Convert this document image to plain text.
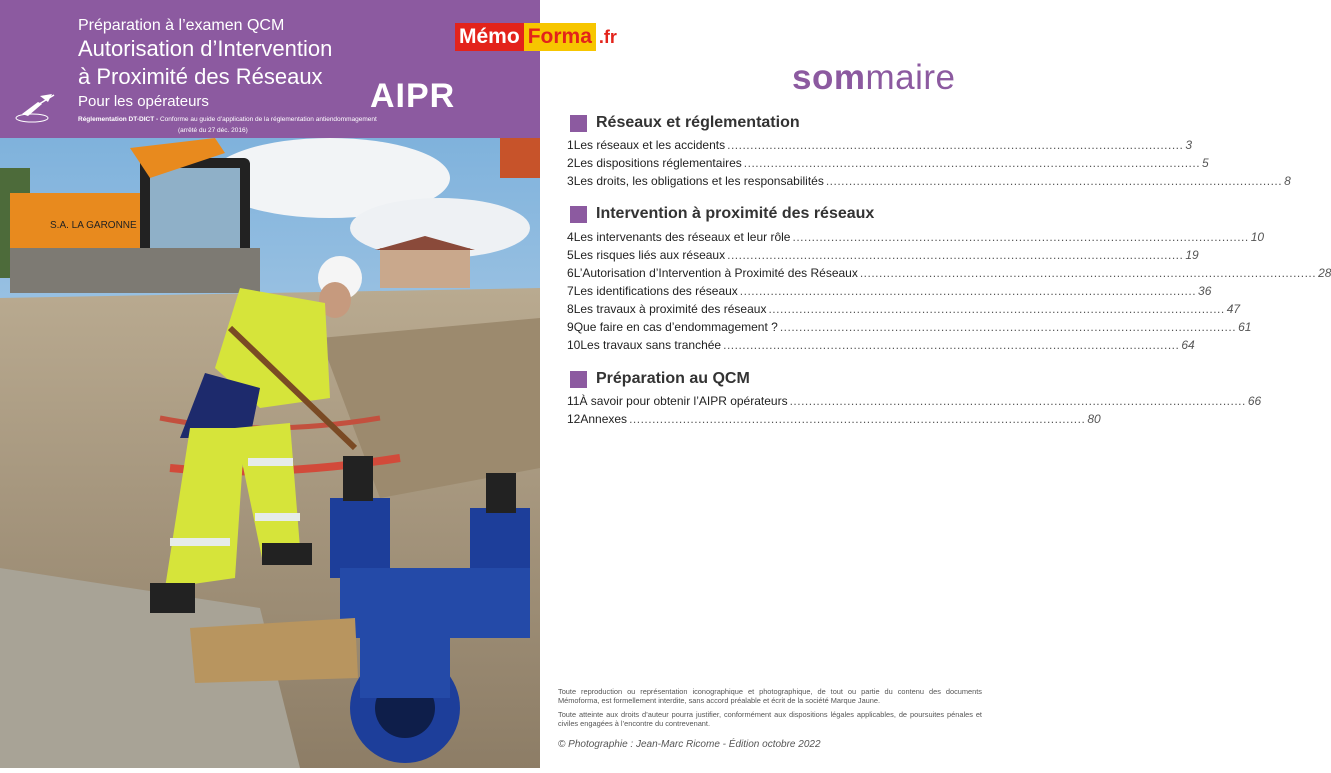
Préparation à l’examen QCM
Autorisation d’Intervention
à Proximité des Réseaux
Pour les opérateurs	AIPR
Réglementation DT-DICT - Conforme au guide d’application de la réglementation antiendommagement
(arrêté du 27 déc. 2016)
S.A. LA GARONNE
Mémo Forma .fr
sommaire
Réseaux et réglementation
1 Les réseaux et les accidents ....................................................................................................................... 3
2 Les dispositions réglementaires ....................................................................................................................... 5
3 Les droits, les obligations et les responsabilités ....................................................................................................................... 8
Intervention à proximité des réseaux
4 Les intervenants des réseaux et leur rôle ....................................................................................................................... 10
5 Les risques liés aux réseaux ....................................................................................................................... 19
6 L’Autorisation d’Intervention à Proximité des Réseaux ....................................................................................................................... 28
7 Les identifications des réseaux ....................................................................................................................... 36
8 Les travaux à proximité des réseaux ....................................................................................................................... 47
9 Que faire en cas d’endommagement ? ....................................................................................................................... 61
10 Les travaux sans tranchée ....................................................................................................................... 64
Préparation au QCM
11 À savoir pour obtenir l’AIPR opérateurs ....................................................................................................................... 66
12 Annexes ....................................................................................................................... 80
Toute reproduction ou représentation iconographique et photographique, de tout ou partie du contenu des documents Mémoforma, est formellement interdite, sans accord préalable et écrit de la société Marque Jaune.
Toute atteinte aux droits d’auteur pourra justifier, conformément aux dispositions légales applicables, de poursuites pénales et civiles engagées à l’encontre du contrevenant.
© Photographie : Jean-Marc Ricome - Édition octobre 2022
